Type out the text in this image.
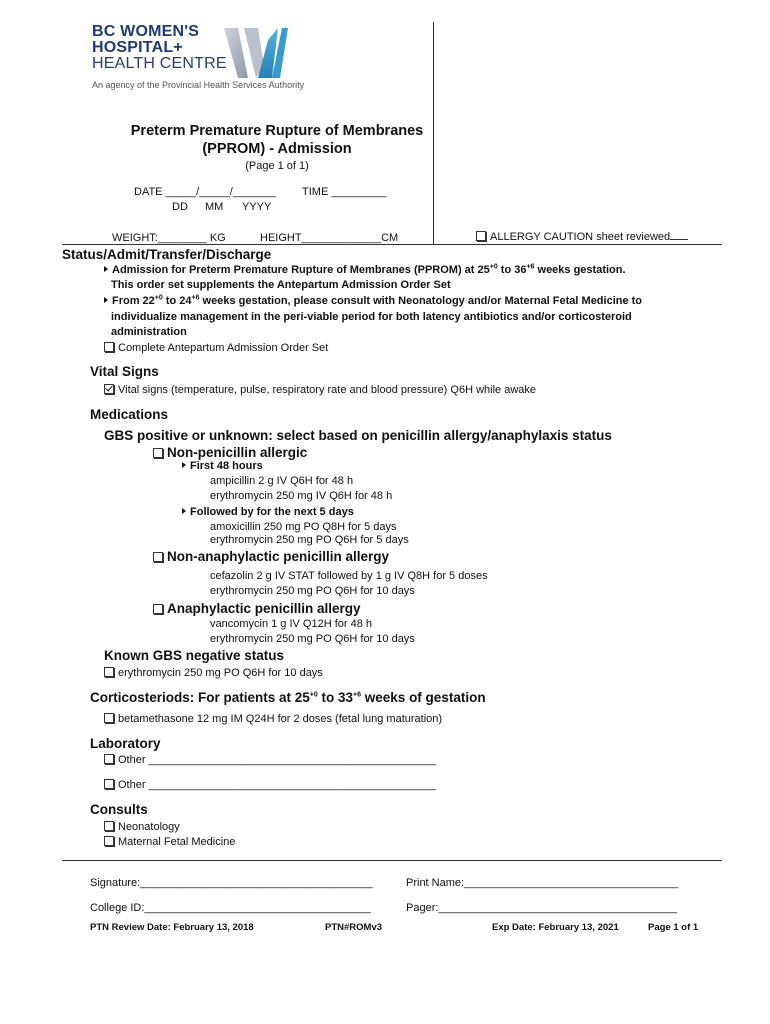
BC WOMEN'S
HOSPITAL+
HEALTH CENTRE
An agency of the Provincial Health Services Authority
Preterm Premature Rupture of Membranes
(PPROM) - Admission
(Page 1 of 1)
DATE _____/_____/_______ TIME _________
DD MM YYYY
WEIGHT:________ KG	HEIGHT_____________CM	ALLERGY CAUTION sheet reviewed
Status/Admit/Transfer/Discharge
Admission for Preterm Premature Rupture of Membranes (PPROM) at $25^{+0}$ to $36^{+6}$ weeks gestation.
This order set supplements the Antepartum Admission Order Set
From $22^{+0}$ to $24^{+6}$ weeks gestation, please consult with Neonatology and/or Maternal Fetal Medicine to
individualize management in the peri-viable period for both latency antibiotics and/or corticosteroid
administration
Complete Antepartum Admission Order Set
Vital Signs
Vital signs (temperature, pulse, respiratory rate and blood pressure) Q6H while awake
Medications
GBS positive or unknown: select based on penicillin allergy/anaphylaxis status
Non-penicillin allergic
First 48 hours
ampicillin 2 g IV Q6H for 48 h
erythromycin 250 mg IV Q6H for 48 h
Followed by for the next 5 days
amoxicillin 250 mg PO Q8H for 5 days
erythromycin 250 mg PO Q6H for 5 days
Non-anaphylactic penicillin allergy
cefazolin 2 g IV STAT followed by 1 g IV Q8H for 5 doses
erythromycin 250 mg PO Q6H for 10 days
Anaphylactic penicillin allergy
vancomycin 1 g IV Q12H for 48 h
erythromycin 250 mg PO Q6H for 10 days
Known GBS negative status
erythromycin 250 mg PO Q6H for 10 days
Corticosteriods: For patients at $25^{+0}$ to $33^{+6}$ weeks of gestation
betamethasone 12 mg IM Q24H for 2 doses (fetal lung maturation)
Laboratory
Other _______________________________________________
Other _______________________________________________
Consults
Neonatology
Maternal Fetal Medicine
Signature:______________________________________	Print Name:___________________________________
College ID:_____________________________________	Pager:_______________________________________
PTN Review Date: February 13, 2018	PTN#ROMv3	Exp Date: February 13, 2021	Page 1 of 1
